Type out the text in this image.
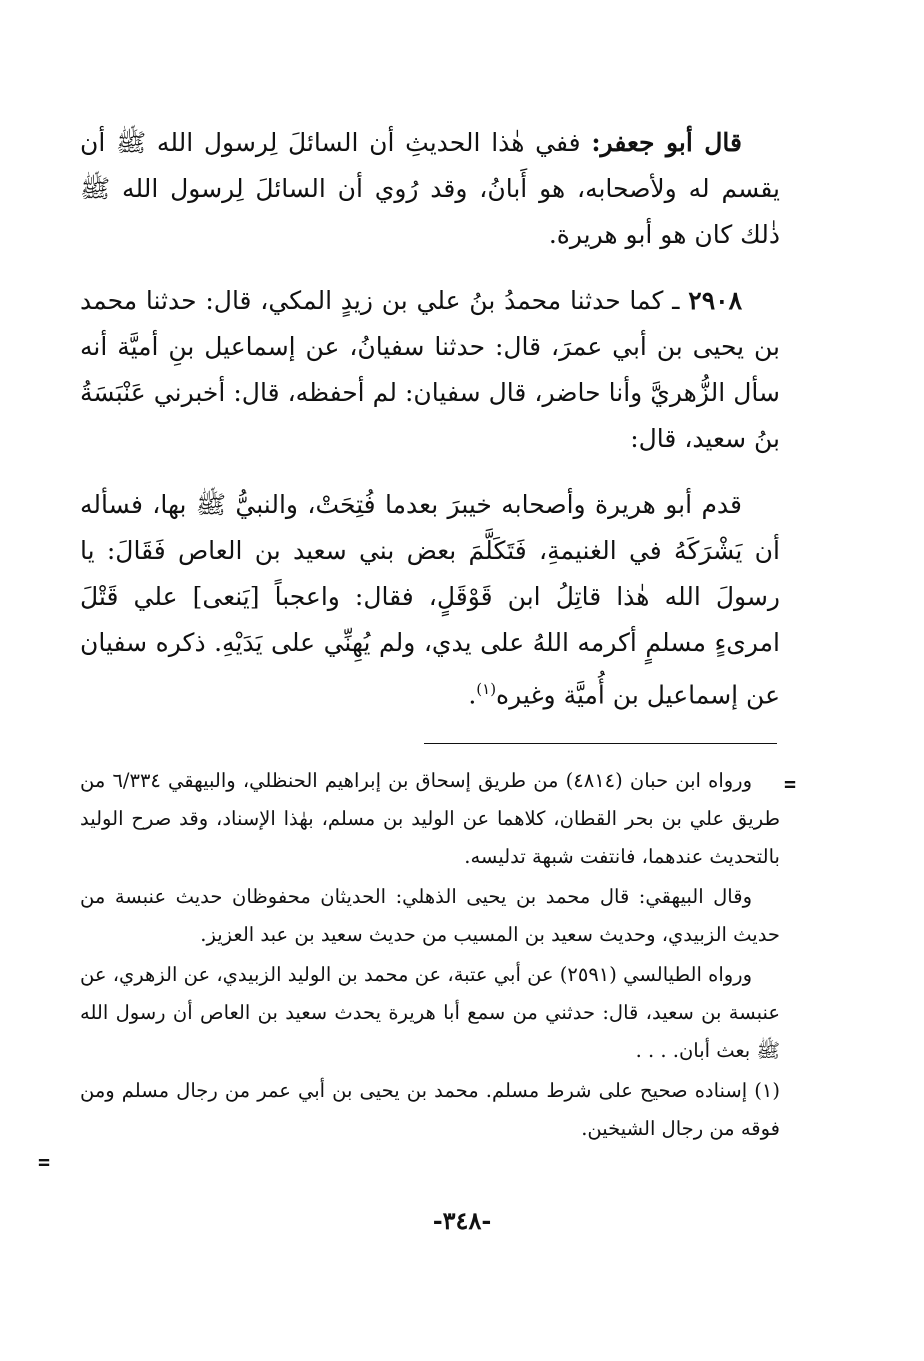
قال أبو جعفر: ففي هٰذا الحديثِ أن السائلَ لِرسول الله ﷺ أن يقسم له ولأصحابه، هو أَبانُ، وقد رُوي أن السائلَ لِرسول الله ﷺ ذٰلك كان هو أبو هريرة.

٢٩٠٨ ـ كما حدثنا محمدُ بنُ علي بن زيدٍ المكي، قال: حدثنا محمد بن يحيى بن أبي عمرَ، قال: حدثنا سفيانُ، عن إسماعيل بنِ أميَّة أنه سأل الزُّهريَّ وأنا حاضر، قال سفيان: لم أحفظه، قال: أخبرني عَنْبَسَةُ بنُ سعيد، قال:

قدم أبو هريرة وأصحابه خيبرَ بعدما فُتِحَتْ، والنبيُّ ﷺ بها، فسأله أن يَشْرَكَهُ في الغنيمةِ، فَتَكَلَّمَ بعض بني سعيد بن العاص فَقَالَ: يا رسولَ الله هٰذا قاتِلُ ابن قَوْقَلٍ، فقال: واعجباً [يَنعى] علي قَتْلَ امرىءٍ مسلمٍ أكرمه اللهُ على يدي، ولم يُهِنِّي على يَدَيْهِ. ذكره سفيان عن إسماعيل بن أُميَّة وغيره$^{(١)}$.

=

ورواه ابن حبان (٤٨١٤) من طريق إسحاق بن إبراهيم الحنظلي، والبيهقي ٦/٣٣٤ من طريق علي بن بحر القطان، كلاهما عن الوليد بن مسلم، بهٰذا الإسناد، وقد صرح الوليد بالتحديث عندهما، فانتفت شبهة تدليسه.

وقال البيهقي: قال محمد بن يحيى الذهلي: الحديثان محفوظان حديث عنبسة من حديث الزبيدي، وحديث سعيد بن المسيب من حديث سعيد بن عبد العزيز.

ورواه الطيالسي (٢٥٩١) عن أبي عتبة، عن محمد بن الوليد الزبيدي، عن الزهري، عن عنبسة بن سعيد، قال: حدثني من سمع أبا هريرة يحدث سعيد بن العاص أن رسول الله ﷺ بعث أبان. . . .

(١) إسناده صحيح على شرط مسلم. محمد بن يحيى بن أبي عمر من رجال مسلم ومن فوقه من رجال الشيخين.

=
-٣٤٨-
